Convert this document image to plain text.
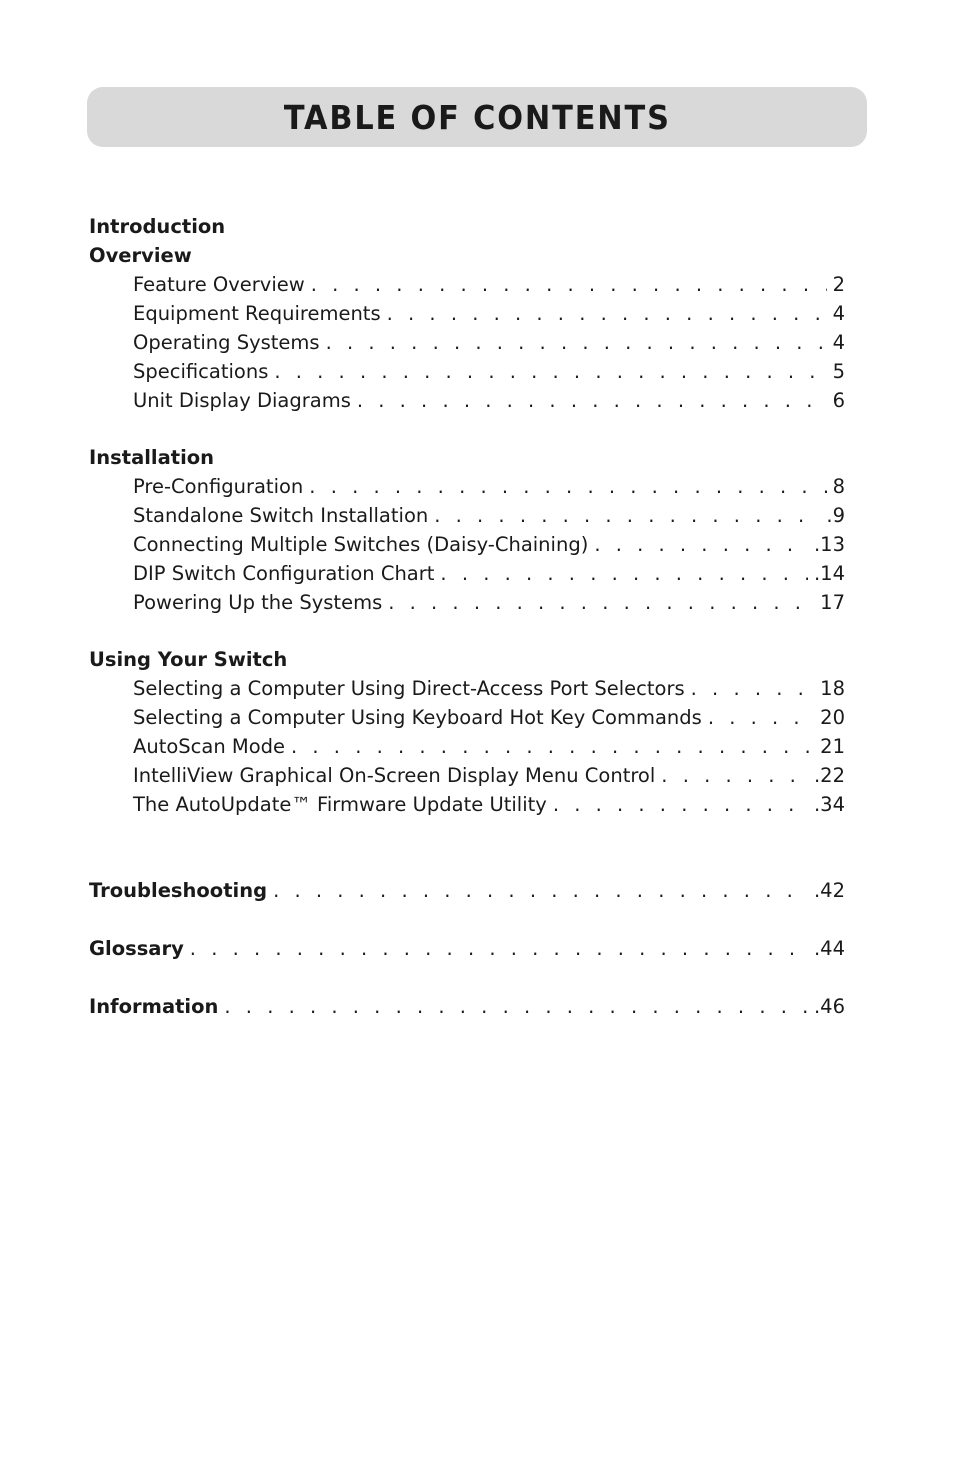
TABLE OF CONTENTS
Introduction
Overview
Feature Overview . . .	2
Equipment Requirements . . .	4
Operating Systems . . .	4
Specifications . . .	5
Unit Display Diagrams . . .	6
Installation
Pre-Configuration . . .	8
Standalone Switch Installation . . .	.9
Connecting Multiple Switches (Daisy-Chaining) . . .	.13
DIP Switch Configuration Chart . . .	.14
Powering Up the Systems . . .	17
Using Your Switch
Selecting a Computer Using Direct-Access Port Selectors . . .	18
Selecting a Computer Using Keyboard Hot Key Commands . . .	20
AutoScan Mode . . .	21
IntelliView Graphical On-Screen Display Menu Control . . .	.22
The AutoUpdate™ Firmware Update Utility . . .	.34
Troubleshooting . . .	.42
Glossary . . .	.44
Information . . .	.46
